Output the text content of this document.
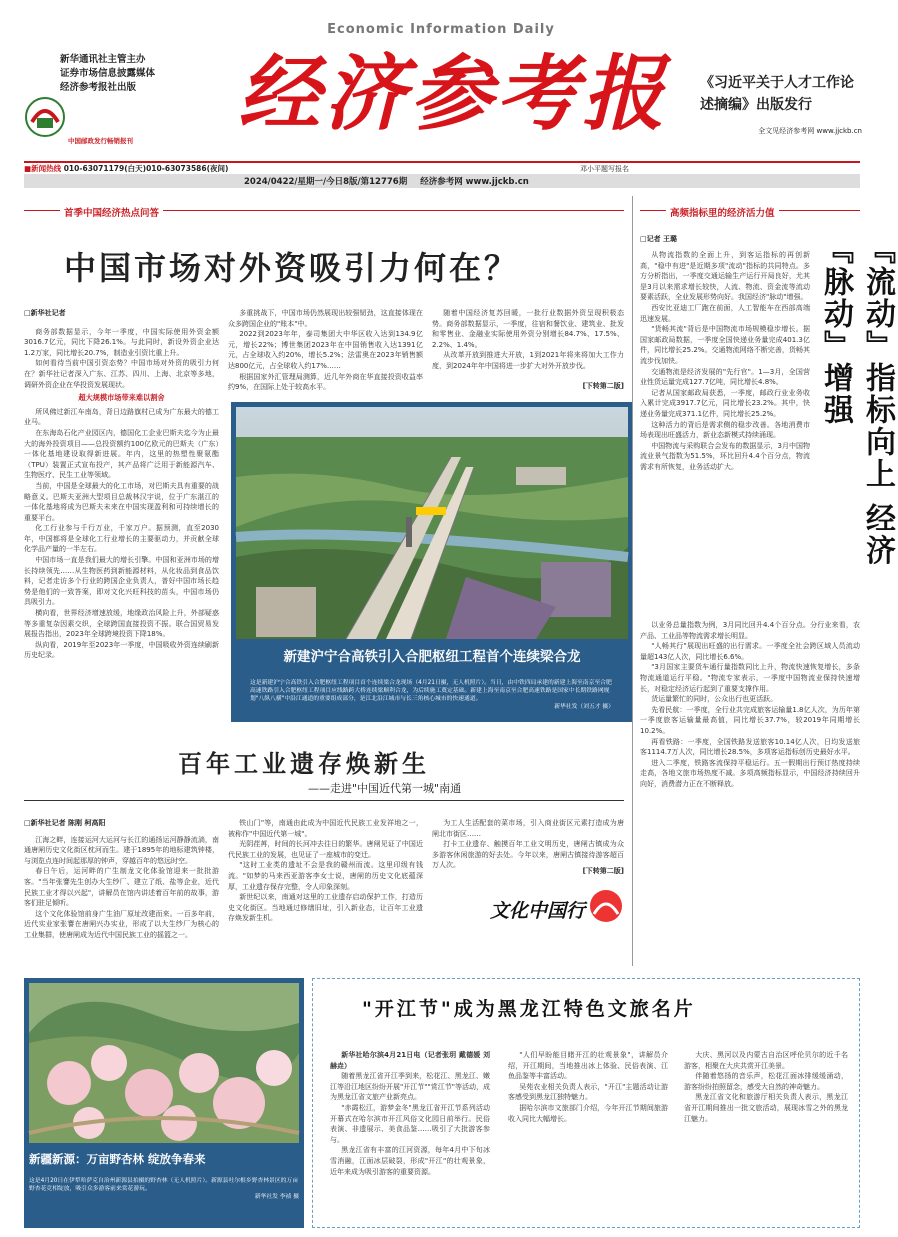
Economic Information Daily
新华通讯社主管主办
证券市场信息披露媒体
经济参考报社出版
中国邮政发行畅销报刊 经济参考报
邓小平题写报名
《习近平关于人才工作论述摘编》出版发行
全文见经济参考网 www.jjckb.cn
■新闻热线 010-63071179(白天)010-63073586(夜间)
2024/0422/星期一/今日8版/第12776期 经济参考网 www.jjckb.cn
首季中国经济热点问答
中国市场对外资吸引力何在？
□新华社记者

商务部数据显示，今年一季度，中国实际使用外资金额3016.7亿元，同比下降26.1%。与此同时，新设外资企业达1.2万家，同比增长20.7%，制造业引资比重上升。

如何看待当前中国引资态势？中国市场对外资的吸引力何在？新华社记者深入广东、江苏、四川、上海、北京等多地，调研外资企业在华投资发展现状。

超大规模市场带来难以割舍

所风佛过新江车南岛，背日边路旗村已成为广东最大的德工业马。

在东海岛石化产业园区内，德国化工企业巴斯夫迄今为止最大的海外投资项目——总投资额约100亿欧元的巴斯夫（广东）一体化基地建设取得新进展。年内，这里的热塑性聚氨酯（TPU）装置正式宣布投产，其产品将广泛用于新能源汽车、生物医疗、民生工业等领域。

当前，中国是全球最大的化工市场，对巴斯夫具有重要的战略意义。巴斯夫亚洲大型项目总裁林汉宇说，位于广东湛江的一体化基地将成为巴斯夫未来在中国实现盈利和可持续增长的重要平台。

化工行业参与千行万业，千家万户。据预测，直至2030年，中国都将是全球化工行业增长的主要驱动力，并贡献全球化学品产量的一半左右。

中国市场一直是我们最大的增长引擎。中国和亚洲市场的增长持续领先……从生物医药到新能源材料，从化妆品到食品饮料，记者走访多个行业的跨国企业负责人，普好中国市场长趋势是他们的一致答案，即对文化兴旺科技的苗头，中国市场仍具吸引力。

横向看，世界经济增速放缓，地缘政治风险上升，外部疑惑等多重复杂因素交织，全球跨国直接投资不振。联合国贸易发展报告指出，2023年全球跨境投资下降18%。

纵向看，2019年至2023年一季度，中国吸收外资连续刷新历史纪录。

多重挑战下，中国市场仍然展现出较强韧劲，这直接体现在众多跨国企业的"账本"中。

2022到2023年年，泰司集团大中华区收入达到134.9亿元，增长22%；博世集团2023年在中国销售收入达1391亿元，占全球收入约20%，增长5.2%；法雷奥在2023年销售额达800亿元，占全球收入约17%……

根据国家外汇管理局测算，近几年外商在华直接投资收益率约9%，在国际上处于较高水平。

随着中国经济复苏回暖，一批行业数据外资呈现积极态势。商务部数据显示，一季度，往宿和餐饮业、建筑业、批发和零售业、金融业实际使用外资分别增长84.7%、17.5%、2.2%、1.4%。

从改革开放到推进大开放，1到2021年将来将加大工作力度，到2024年年中国将进一步扩大对外开放步伐。

[下转第二版]
新建沪宁合高铁引入合肥枢纽工程首个连续梁合龙
这是新建沪宁合高铁引入合肥枢纽工程项目首个连续梁合龙现场（4月21日摄，无人机照片）。当日，由中铁四局承建的新建上海至南京至合肥高速铁路引入合肥枢纽工程项目应线路跨大桥连续梁顺利合龙，为后续施工奠定基础。新建上海至南京至合肥高速铁路是国家中长期铁路网规划"八纵八横"中沿江通道的重要组成部分，是江北沿江城市与长三角核心城市的快速通道。
新华社发（刘五才 摄）
百年工业遗存焕新生
——走进"中国近代第一城"南通
□新华社记者 陈刚 柯高阳

江海之畔，连接运河大运河与长江的通扬运河静静流淌，南通唐闸历史文化街区枕河而生。建于1895年的地标建筑钟楼，与浏览点连时间起那厚的钟声，穿越百年的悠远时空。

春日午后，运河畔的广生制龙文化体验馆迎来一批批游客。"当年张謇先生创办大生纱厂、建立了纸、盐等企业，近代民族工业才得以兴起"，讲解员在馆内讲述着百年前的故事，游客们驻足倾听。

这个文化体验馆前身广生油厂原址改建而来。一百多年前，近代实业家张謇在唐闸兴办实业，形成了以大生纱厂为核心的工业集群，使唐闸成为近代中国民族工业的摇篮之一。

铁山门"等，南通由此成为中国近代民族工业发祥地之一，被称作"中国近代第一城"。

光阴荏苒，时间的长河冲去往日的繁华。唐闸见证了中国近代民族工业的发展，也见证了一座城市的变迁。

"这时工业类的遗址不会是我的赣州而流。这里印级有钱流。"如梦的马来西亚游客李女士说，唐闸的历史文化底蕴深厚，工业遗存保存完整，令人印象深刻。

新世纪以来，南通对这里的工业遗存启动保护工作，打造历史文化街区。当地通过修缮旧址，引入新业态，让百年工业遗存焕发新生机。

为工人生活配套的菜市场，引入商业街区元素打造成为唐闸北市街区……

打卡工业遗存、触摸百年工业文明历史，唐闸古镇成为众多游客休闲旅游的好去处。今年以来，唐闸古镇接待游客超百万人次。

[下转第二版]
文化中国行
新疆新源：万亩野杏林 绽放争春来
这是4月20日在伊犁哈萨克自治州新源县拍摄的野杏林（无人机照片）。新源县吐尔根乡野杏林景区的万亩野杏花竞相绽放，吸引众多游客前来赏花游玩。
新华社发 李祯 摄
"开江节"成为黑龙江特色文旅名片

新华社哈尔滨4月21日电（记者张玥 戴德媛 刘赫垚）

随着黑龙江省开江季到来，松花江、黑龙江、嫩江等沿江地区纷纷开展"开江节""赏江节"等活动，成为黑龙江省文旅产业新亮点。

"赤霞松江，游梦金冬"黑龙江省开江节系列活动开幕式在哈尔滨市开江风俗文化园日前举行。民俗表演、非遗展示、美食品鉴……吸引了大批游客参与。

黑龙江省有丰富的江河资源，每年4月中下旬冰雪消融，江面冰层破裂，形成"开江"的壮观景象，近年来成为吸引游客的重要资源。

"人们早盼能目睹开江的壮观景象"，讲解员介绍，开江期间，当地推出冰上体验、民俗表演、江鱼品鉴等丰富活动。

吴苑农业相关负责人表示，"开江"主题活动让游客感受到黑龙江独特魅力。

据哈尔滨市文旅部门介绍，今年开江节期间旅游收入同比大幅增长。

大庆、黑河以及内蒙古自治区呼伦贝尔的近千名游客，相聚在大庆共赏开江美景。

伴随着悠扬的音乐声，松花江面冰排缓缓涌动，游客纷纷拍照留念，感受大自然的神奇魅力。

黑龙江省文化和旅游厅相关负责人表示，黑龙江省开江期间推出一批文旅活动，展现冰雪之外的黑龙江魅力。

高频指标里的经济活力值
□记者 王璐	『流动』指标向上 经济『脉动』增强

从物流指数的全面上升，到客运指标的再创新高，"稳中有进"是近期多项"流动"指标的共同特点。多方分析指出，一季度交通运输生产运行开局良好，尤其是3月以来需求增长较快，人流、物流、资金流等流动要素活跃，全业发展形势向好。我国经济"脉动"增强。

西安比亚迪工厂跑在前面，人工智能车在西部高端迅速发展。

"货畅其流"背后是中国物流市场规模稳步增长。据国家邮政局数据，一季度全国快递业务量完成401.3亿件，同比增长25.2%。交通物流网络不断完善，货畅其流步伐加快。

交通物流是经济发展的"先行官"。1—3月，全国营业性货运量完成127.7亿吨，同比增长4.8%。

记者从国家邮政局获悉，一季度，邮政行业业务收入累计完成3917.7亿元，同比增长23.2%。其中，快递业务量完成371.1亿件，同比增长25.2%。

这种活力的背后是需求侧的稳步改善。各地消费市场表现出旺盛活力，新业态新模式持续涌现。

中国物流与采购联合会发布的数据显示，3月中国物流业景气指数为51.5%，环比回升4.4个百分点，物流需求有所恢复，业务活动扩大。

以业务总量指数为例，3月同比回升4.4个百分点。分行业来看，农产品、工业品等物流需求增长明显。

"人畅其行"展现出旺盛的出行需求。一季度全社会跨区域人员流动量超143亿人次，同比增长6.6%。

"3月国家主要货车通行量指数同比上升，物流快速恢复增长，多条物流通道运行平稳。"物流专家表示，一季度中国物流业保持快速增长，对稳定经济运行起到了重要支撑作用。

货运量繁忙的同时，公众出行也更活跃。

先看民航：一季度，全行业共完成旅客运输量1.8亿人次，为历年第一季度旅客运输量最高值，同比增长37.7%，较2019年同期增长10.2%。

再看铁路：一季度，全国铁路发送旅客10.14亿人次，日均发送旅客1114.7万人次，同比增长28.5%，多项客运指标创历史最好水平。

进入二季度，铁路客流保持平稳运行。五一假期出行预订热度持续走高，各地文旅市场热度不减。多项高频指标显示，中国经济持续回升向好，消费潜力正在不断释放。
